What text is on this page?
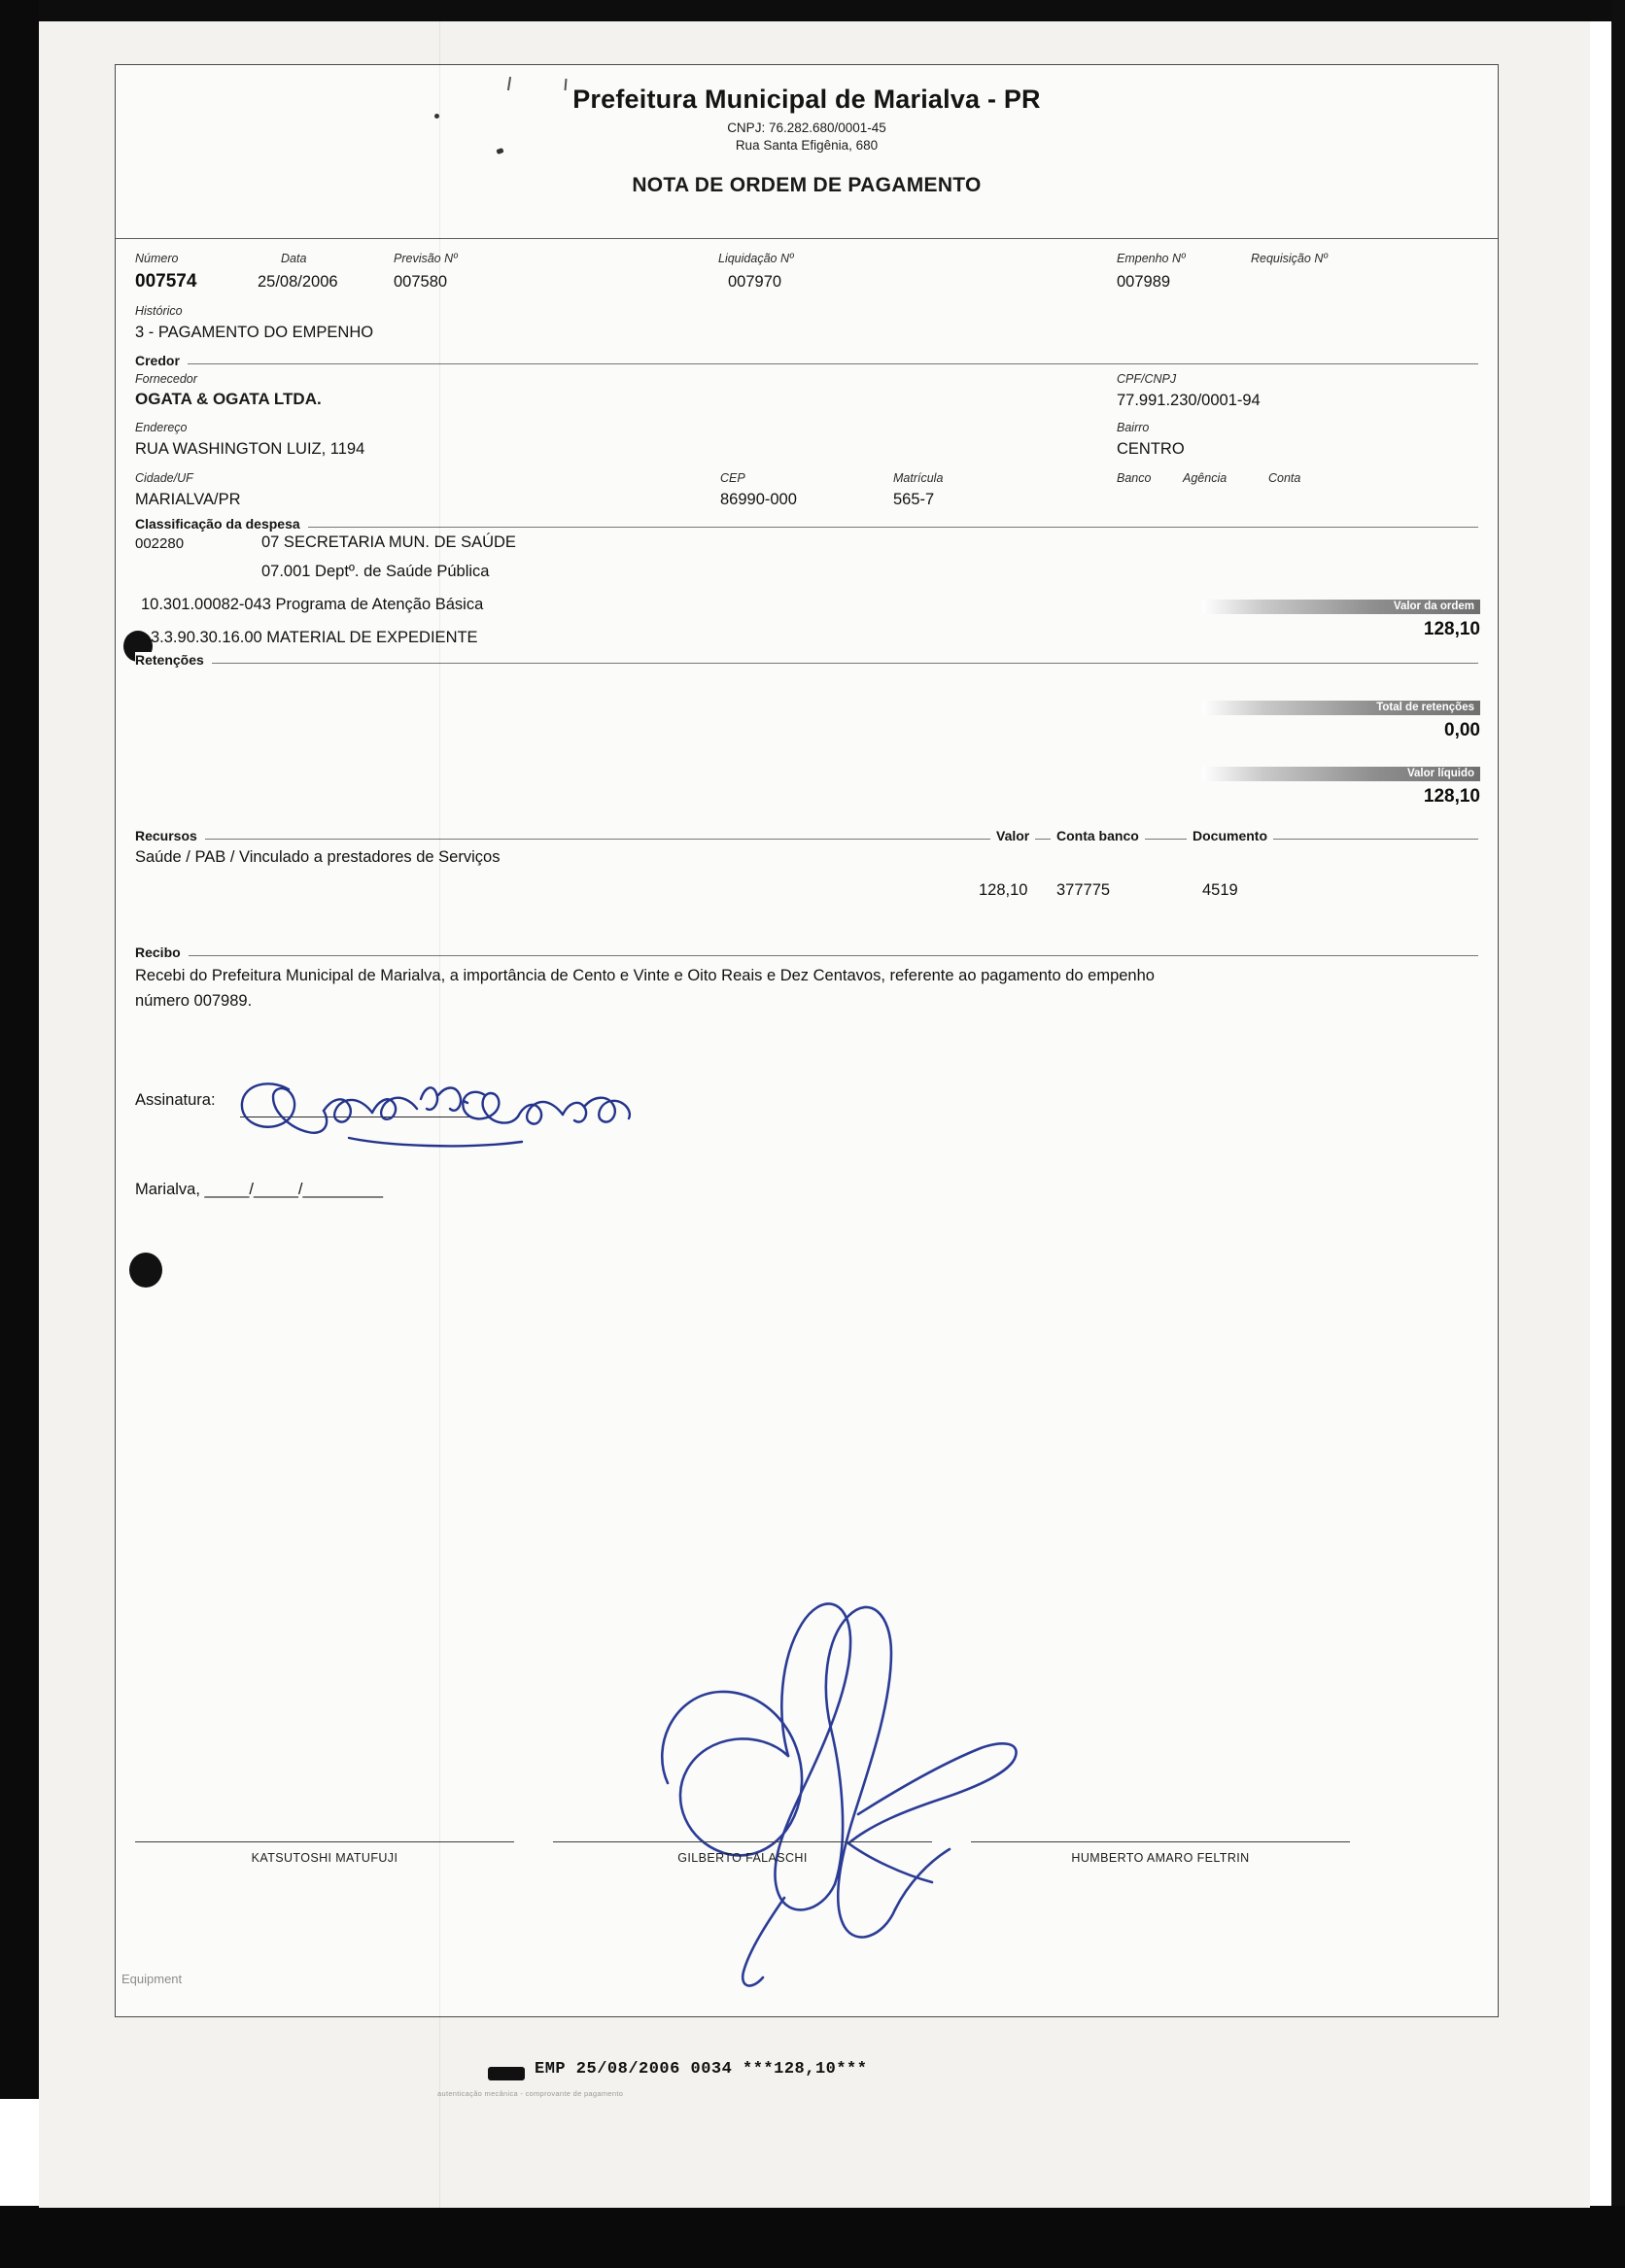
Prefeitura Municipal de Marialva - PR
CNPJ: 76.282.680/0001-45
Rua Santa Efigênia, 680
NOTA DE ORDEM DE PAGAMENTO
Número
007574
Data
25/08/2006
Previsão Nº
007580
Liquidação Nº
007970
Empenho Nº
007989
Requisição Nº
Histórico
3 - PAGAMENTO DO EMPENHO
Credor
Fornecedor
OGATA & OGATA LTDA.
CPF/CNPJ
77.991.230/0001-94
Endereço
RUA WASHINGTON LUIZ, 1194
Bairro
CENTRO
Cidade/UF
MARIALVA/PR
CEP
86990-000
Matrícula
565-7
Banco	Agência	Conta
Classificação da despesa
002280	07 SECRETARIA MUN. DE SAÚDE
07.001 Deptº. de Saúde Pública
10.301.00082-043 Programa de Atenção Básica
3.3.90.30.16.00 MATERIAL DE EXPEDIENTE
Valor da ordem
128,10
Retenções
Total de retenções
0,00
Valor líquido
128,10
Recursos	Valor	Conta banco	Documento
Saúde / PAB / Vinculado a prestadores de Serviços
128,10 377775	4519
Recibo
Recebi do Prefeitura Municipal de Marialva, a importância de Cento e Vinte e Oito Reais e Dez Centavos, referente ao pagamento do empenho
número 007989.
Assinatura:
Marialva, _____/_____/_________
KATSUTOSHI MATUFUJI	GILBERTO FALASCHI	HUMBERTO AMARO FELTRIN
Equipment
EMP 25/08/2006 0034 ***128,10***
autenticação mecânica - comprovante de pagamento
